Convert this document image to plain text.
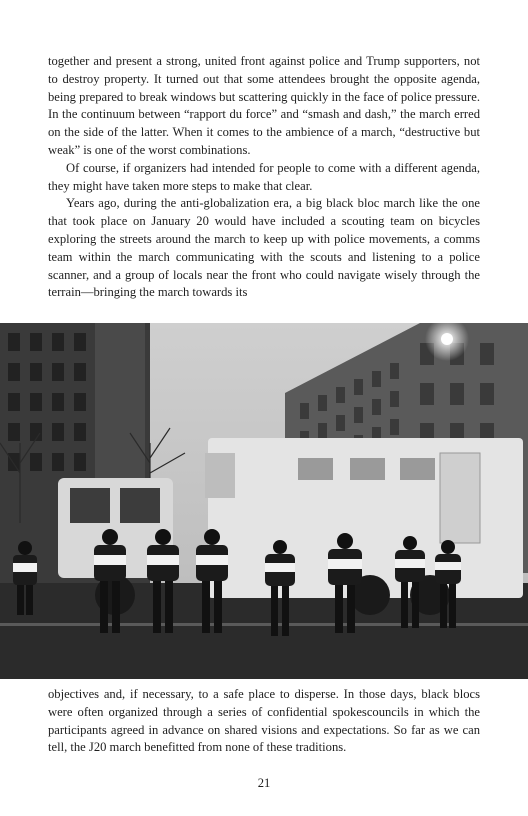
together and present a strong, united front against police and Trump supporters, not to destroy property. It turned out that some attendees brought the opposite agenda, being prepared to break windows but scattering quickly in the face of police pressure. In the continuum between “rapport du force” and “smash and dash,” the march erred on the side of the latter. When it comes to the ambience of a march, “destructive but weak” is one of the worst combinations.

Of course, if organizers had intended for people to come with a different agenda, they might have taken more steps to make that clear.

Years ago, during the anti-globalization era, a big black bloc march like the one that took place on January 20 would have included a scouting team on bicycles exploring the streets around the march to keep up with police movements, a comms team within the march communicating with the scouts and listening to a police scanner, and a group of locals near the front who could navigate wisely through the terrain—bringing the march towards its

objectives and, if necessary, to a safe place to disperse. In those days, black blocs were often organized through a series of confidential spokescouncils in which the participants agreed in advance on shared visions and expectations. So far as we can tell, the J20 march benefitted from none of these traditions.

21
